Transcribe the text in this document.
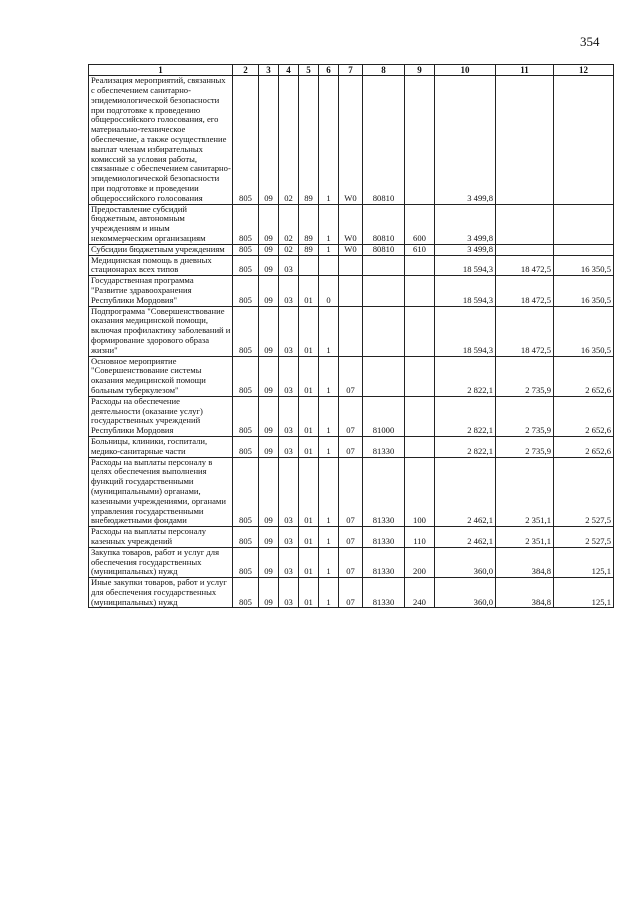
354
1	2	3	4	5	6	7	8	9	10	11	12
Реализация мероприятий, связанных с обеспечением санитарно-эпидемиологической безопасности при подготовке к проведению общероссийского голосования, его материально-техническое обеспечение, а также осуществление выплат членам избирательных комиссий за условия работы, связанные с обеспечением санитарно-эпидемиологической безопасности при подготовке и проведении общероссийского голосования	805	09	02	89	1	W0	80810		3 499,8		
Предоставление субсидий бюджетным, автономным учреждениям и иным некоммерческим организациям	805	09	02	89	1	W0	80810	600	3 499,8		
Субсидии бюджетным учреждениям	805	09	02	89	1	W0	80810	610	3 499,8		
Медицинская помощь в дневных стационарах всех типов	805	09	03						18 594,3	18 472,5	16 350,5
Государственная программа "Развитие здравоохранения Республики Мордовия"	805	09	03	01	0				18 594,3	18 472,5	16 350,5
Подпрограмма "Совершенствование оказания медицинской помощи, включая профилактику заболеваний и формирование здорового образа жизни"	805	09	03	01	1				18 594,3	18 472,5	16 350,5
Основное мероприятие "Совершенствование системы оказания медицинской помощи больным туберкулезом"	805	09	03	01	1	07			2 822,1	2 735,9	2 652,6
Расходы на обеспечение деятельности (оказание услуг) государственных учреждений Республики Мордовия	805	09	03	01	1	07	81000		2 822,1	2 735,9	2 652,6
Больницы, клиники, госпитали, медико-санитарные части	805	09	03	01	1	07	81330		2 822,1	2 735,9	2 652,6
Расходы на выплаты персоналу в целях обеспечения выполнения функций государственными (муниципальными) органами, казенными учреждениями, органами управления государственными внебюджетными фондами	805	09	03	01	1	07	81330	100	2 462,1	2 351,1	2 527,5
Расходы на выплаты персоналу казенных учреждений	805	09	03	01	1	07	81330	110	2 462,1	2 351,1	2 527,5
Закупка товаров, работ и услуг для обеспечения государственных (муниципальных) нужд	805	09	03	01	1	07	81330	200	360,0	384,8	125,1
Иные закупки товаров, работ и услуг для обеспечения государственных (муниципальных) нужд	805	09	03	01	1	07	81330	240	360,0	384,8	125,1
